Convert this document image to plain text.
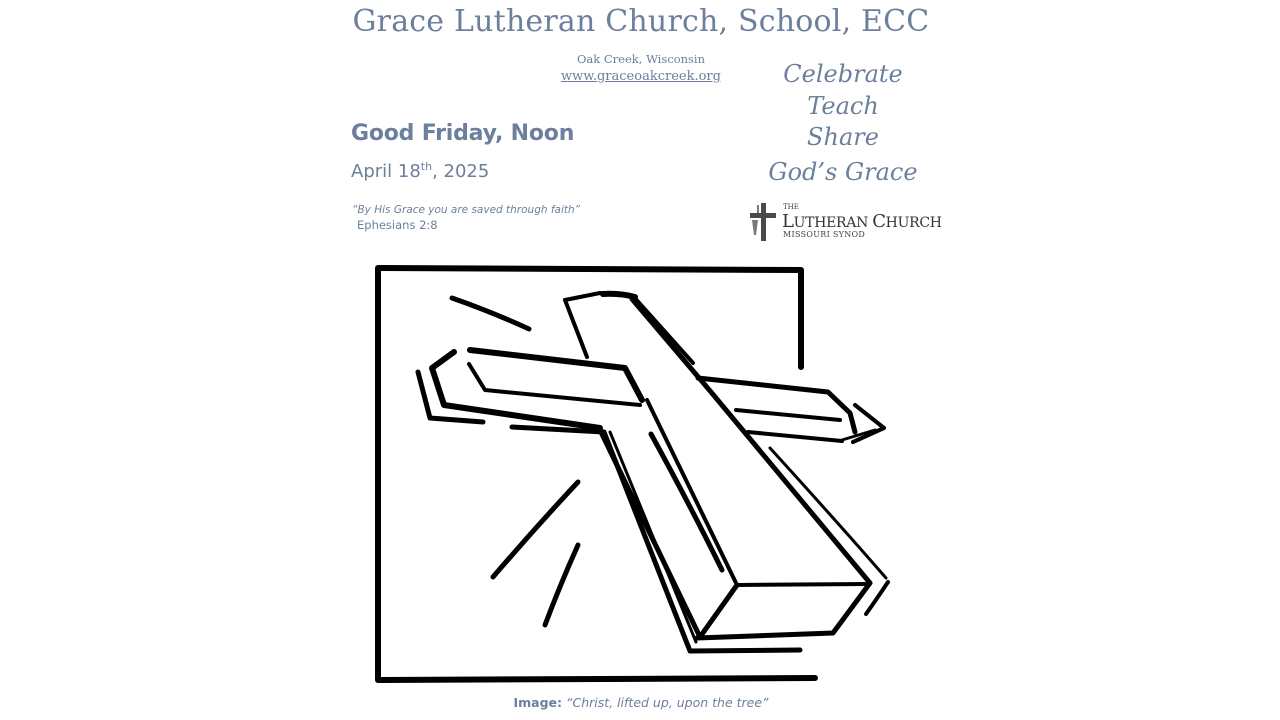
Grace Lutheran Church, School, ECC
Oak Creek, Wisconsin
www.graceoakcreek.org	Celebrate
Teach
Share
God’s Grace
Good Friday, Noon
April 18th, 2025
“By His Grace you are saved through faith”
Ephesians 2:8
THE
LUTHERAN CHURCH
MISSOURI SYNOD
Image: “Christ, lifted up, upon the tree”
